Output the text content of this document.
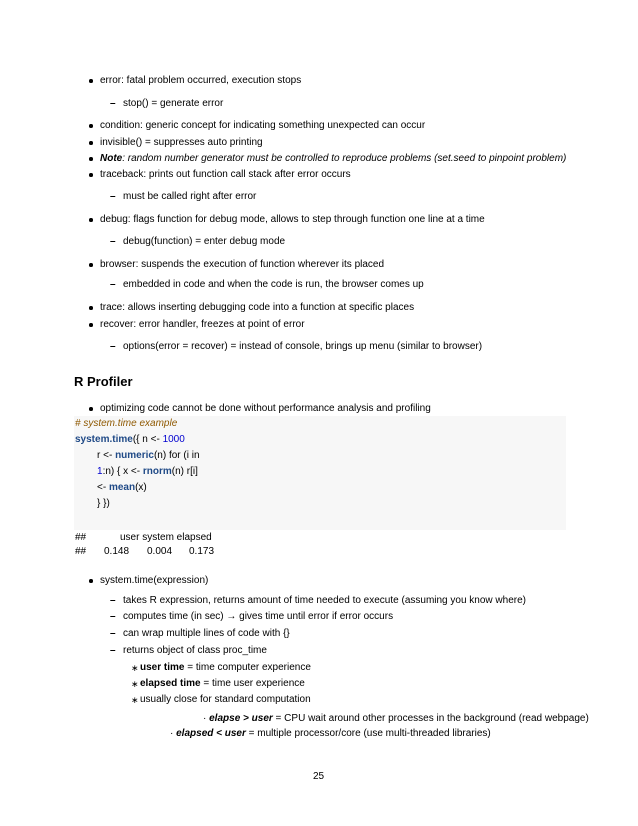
error: fatal problem occurred, execution stops
– stop() = generate error
condition: generic concept for indicating something unexpected can occur
invisible() = suppresses auto printing
Note: random number generator must be controlled to reproduce problems (set.seed to pinpoint problem)
traceback: prints out function call stack after error occurs
– must be called right after error
debug: flags function for debug mode, allows to step through function one line at a time
– debug(function) = enter debug mode
browser: suspends the execution of function wherever its placed
– embedded in code and when the code is run, the browser comes up
trace: allows inserting debugging code into a function at specific places
recover: error handler, freezes at point of error
– options(error = recover) = instead of console, brings up menu (similar to browser)
R Profiler
optimizing code cannot be done without performance analysis and profiling
# system.time example
system.time({ n <- 1000
r <- numeric(n) for (i in
1:n) { x <- rnorm(n) r[i]
<- mean(x)
} })
##	user system elapsed
## 0.148 0.004 0.173
system.time(expression)
– takes R expression, returns amount of time needed to execute (assuming you know where)
– computes time (in sec) → gives time until error if error occurs
– can wrap multiple lines of code with {}
– returns object of class proc_time
∗ user time = time computer experience
∗ elapsed time = time user experience
∗ usually close for standard computation
· elapse > user = CPU wait around other processes in the background (read webpage)
· elapsed < user = multiple processor/core (use multi-threaded libraries)
25
